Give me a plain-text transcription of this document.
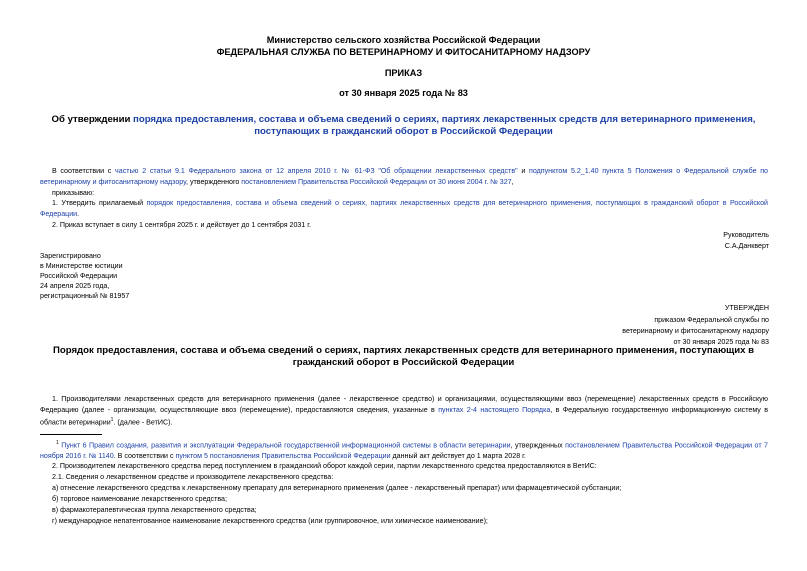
Министерство сельского хозяйства Российской Федерации
ФЕДЕРАЛЬНАЯ СЛУЖБА ПО ВЕТЕРИНАРНОМУ И ФИТОСАНИТАРНОМУ НАДЗОРУ
ПРИКАЗ
от 30 января 2025 года № 83
Об утверждении порядка предоставления, состава и объема сведений о сериях, партиях лекарственных средств для ветеринарного применения, поступающих в гражданский оборот в Российской Федерации
В соответствии с частью 2 статьи 9.1 Федерального закона от 12 апреля 2010 г. № 61-ФЗ "Об обращении лекарственных средств" и подпунктом 5.2_1.40 пункта 5 Положения о Федеральной службе по ветеринарному и фитосанитарному надзору, утвержденного постановлением Правительства Российской Федерации от 30 июня 2004 г. № 327,
приказываю:
1. Утвердить прилагаемый порядок предоставления, состава и объема сведений о сериях, партиях лекарственных средств для ветеринарного применения, поступающих в гражданский оборот в Российской Федерации.
2. Приказ вступает в силу 1 сентября 2025 г. и действует до 1 сентября 2031 г.
Руководитель
С.А.Данкверт
Зарегистрировано
в Министерстве юстиции
Российской Федерации
24 апреля 2025 года,
регистрационный № 81957
УТВЕРЖДЕН
приказом Федеральной службы по
ветеринарному и фитосанитарному надзору
от 30 января 2025 года № 83
Порядок предоставления, состава и объема сведений о сериях, партиях лекарственных средств для ветеринарного применения, поступающих в гражданский оборот в Российской Федерации
1. Производителями лекарственных средств для ветеринарного применения (далее - лекарственное средство) и организациями, осуществляющими ввоз (перемещение) лекарственных средств в Российскую Федерацию (далее - организации, осуществляющие ввоз (перемещение), предоставляются сведения, указанные в пунктах 2-4 настоящего Порядка, в Федеральную государственную информационную систему в области ветеринарии$^1$. (далее - ВетИС).
$^1$ Пункт 6 Правил создания, развития и эксплуатации Федеральной государственной информационной системы в области ветеринарии, утвержденных постановлением Правительства Российской Федерации от 7 ноября 2016 г. № 1140. В соответствии с пунктом 5 постановления Правительства Российской Федерации данный акт действует до 1 марта 2028 г.
2. Производителем лекарственного средства перед поступлением в гражданский оборот каждой серии, партии лекарственного средства предоставляются в ВетИС:
2.1. Сведения о лекарственном средстве и производителе лекарственного средства:
а) отнесение лекарственного средства к лекарственному препарату для ветеринарного применения (далее - лекарственный препарат) или фармацевтической субстанции;
б) торговое наименование лекарственного средства;
в) фармакотерапевтическая группа лекарственного средства;
г) международное непатентованное наименование лекарственного средства (или группировочное, или химическое наименование);
